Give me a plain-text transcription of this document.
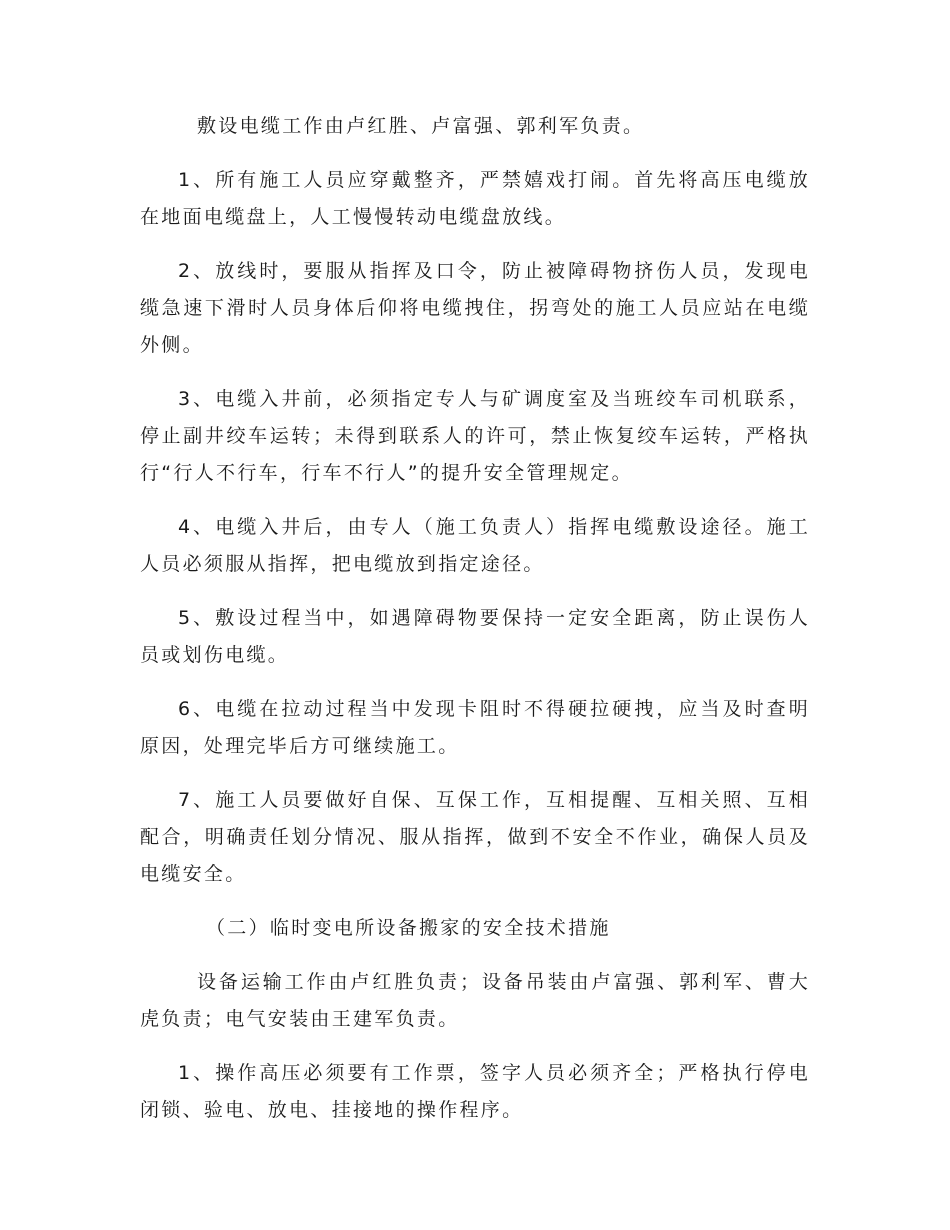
敷设电缆工作由卢红胜、卢富强、郭利军负责。

1、所有施工人员应穿戴整齐，严禁嬉戏打闹。首先将高压电缆放在地面电缆盘上，人工慢慢转动电缆盘放线。

2、放线时，要服从指挥及口令，防止被障碍物挤伤人员，发现电缆急速下滑时人员身体后仰将电缆拽住，拐弯处的施工人员应站在电缆外侧。

3、电缆入井前，必须指定专人与矿调度室及当班绞车司机联系，停止副井绞车运转；未得到联系人的许可，禁止恢复绞车运转，严格执行“行人不行车，行车不行人”的提升安全管理规定。

4、电缆入井后，由专人（施工负责人）指挥电缆敷设途径。施工人员必须服从指挥，把电缆放到指定途径。

5、敷设过程当中，如遇障碍物要保持一定安全距离，防止误伤人员或划伤电缆。

6、电缆在拉动过程当中发现卡阻时不得硬拉硬拽，应当及时查明原因，处理完毕后方可继续施工。

7、施工人员要做好自保、互保工作，互相提醒、互相关照、互相配合，明确责任划分情况、服从指挥，做到不安全不作业，确保人员及电缆安全。

（二）临时变电所设备搬家的安全技术措施

设备运输工作由卢红胜负责；设备吊装由卢富强、郭利军、曹大虎负责；电气安装由王建军负责。

1、操作高压必须要有工作票，签字人员必须齐全；严格执行停电闭锁、验电、放电、挂接地的操作程序。
